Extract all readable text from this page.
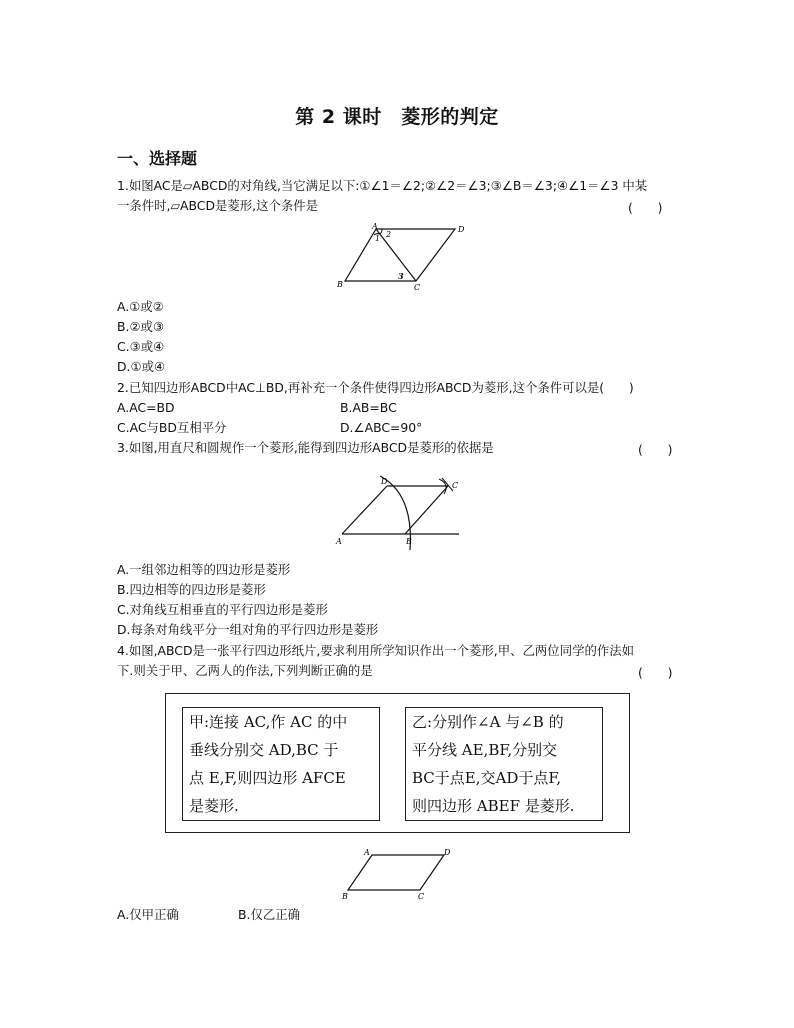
第 2 课时　菱形的判定
一、选择题
1.如图AC是▱ABCD的对角线,当它满足以下:①∠1＝∠2;②∠2＝∠3;③∠B＝∠3;④∠1＝∠3 中某
一条件时,▱ABCD是菱形,这个条件是	(　　)
A	D
B	C
1 2
3
A.①或②
B.②或③
C.③或④
D.①或④
2.已知四边形ABCD中AC⊥BD,再补充一个条件使得四边形ABCD为菱形,这个条件可以是(　　)
A.AC=BD	B.AB=BC
C.AC与BD互相平分	D.∠ABC=90°
3.如图,用直尺和圆规作一个菱形,能得到四边形ABCD是菱形的依据是	(　　)
D	C
A	B
A.一组邻边相等的四边形是菱形
B.四边相等的四边形是菱形
C.对角线互相垂直的平行四边形是菱形
D.每条对角线平分一组对角的平行四边形是菱形
4.如图,ABCD是一张平行四边形纸片,要求利用所学知识作出一个菱形,甲、乙两位同学的作法如
下.则关于甲、乙两人的作法,下列判断正确的是	(　　)
甲:连接 AC,作 AC 的中
垂线分别交 AD,BC 于
点 E,F,则四边形 AFCE
是菱形.
乙:分别作∠A 与∠B 的
平分线 AE,BF,分别交
BC于点E,交AD于点F,
则四边形 ABEF 是菱形.
A	D
B	C
A.仅甲正确	B.仅乙正确
